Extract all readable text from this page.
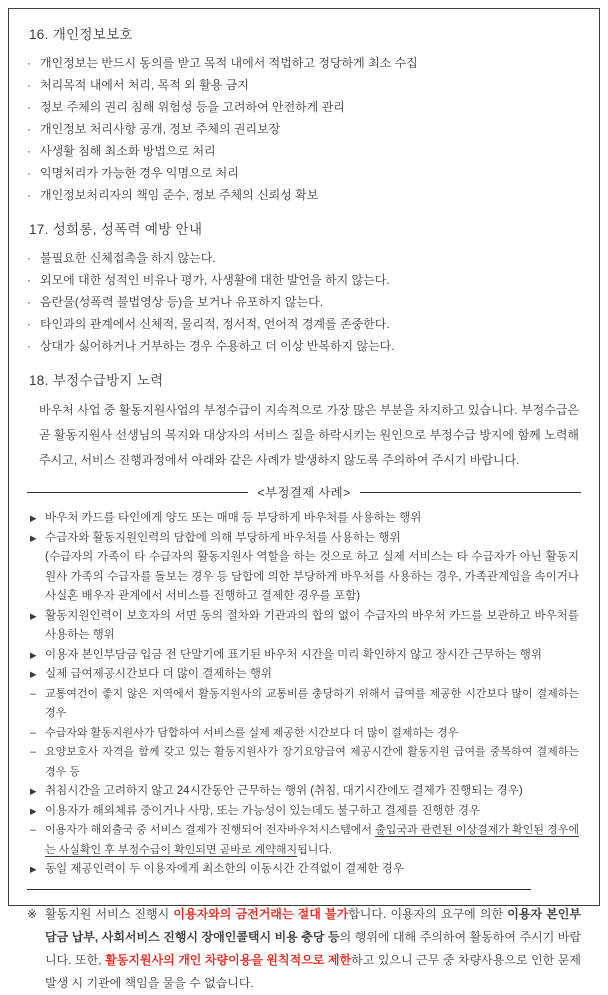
16. 개인정보보호
· 개인정보는 반드시 동의를 받고 목적 내에서 적법하고 정당하게 최소 수집
· 처리목적 내에서 처리, 목적 외 활용 금지
· 정보 주체의 권리 침해 위험성 등을 고려하여 안전하게 관리
· 개인정보 처리사항 공개, 정보 주체의 권리보장
· 사생활 침해 최소화 방법으로 처리
· 익명처리가 가능한 경우 익명으로 처리
· 개인정보처리자의 책임 준수, 정보 주체의 신뢰성 확보
17. 성희롱, 성폭력 예방 안내
· 불필요한 신체접촉을 하지 않는다.
· 외모에 대한 성적인 비유나 평가, 사생활에 대한 발언을 하지 않는다.
· 음란물(성폭력 불법영상 등)을 보거나 유포하지 않는다.
· 타인과의 관계에서 신체적, 물리적, 정서적, 언어적 경계를 존중한다.
· 상대가 싫어하거나 거부하는 경우 수용하고 더 이상 반복하지 않는다.
18. 부정수급방지 노력

바우처 사업 중 활동지원사업의 부정수급이 지속적으로 가장 많은 부분을 차지하고 있습니다. 부정수급은 곧 활동지원사 선생님의 복지와 대상자의 서비스 질을 하락시키는 원인으로 부정수급 방지에 함께 노력해주시고, 서비스 진행과정에서 아래와 같은 사례가 발생하지 않도록 주의하여 주시기 바랍니다.

<부정결제 사례>
▶ 바우처 카드를 타인에게 양도 또는 매매 등 부당하게 바우처를 사용하는 행위
▶ 수급자와 활동지원인력의 담합에 의해 부당하게 바우처를 사용하는 행위
(수급자의 가족이 타 수급자의 활동지원사 역할을 하는 것으로 하고 실제 서비스는 타 수급자가 아닌 활동지원사 가족의 수급자를 돌보는 경우 등 담합에 의한 부당하게 바우처를 사용하는 경우, 가족관계임을 속이거나 사실혼 배우자 관계에서 서비스를 진행하고 결제한 경우를 포함)
▶ 활동지원인력이 보호자의 서면 동의 절차와 기관과의 합의 없이 수급자의 바우처 카드를 보관하고 바우처를 사용하는 행위
▶ 이용자 본인부담금 입금 전 단말기에 표기된 바우처 시간을 미리 확인하지 않고 장시간 근무하는 행위
▶ 실제 급여제공시간보다 더 많이 결제하는 행위
– 교통여건이 좋지 않은 지역에서 활동지원사의 교통비를 충당하기 위해서 급여를 제공한 시간보다 많이 결제하는 경우
– 수급자와 활동지원사가 담합하여 서비스를 실제 제공한 시간보다 더 많이 결제하는 경우
– 요양보호사 자격을 함께 갖고 있는 활동지원사가 장기요양급여 제공시간에 활동지원 급여를 중복하여 결제하는 경우 등
▶ 취침시간을 고려하지 않고 24시간동안 근무하는 행위 (취침, 대기시간에도 결제가 진행되는 경우)
▶ 이용자가 해외체류 중이거나 사망, 또는 가능성이 있는데도 불구하고 결제를 진행한 경우
– 이용자가 해외출국 중 서비스 결제가 진행되어 전자바우처시스템에서 출입국과 관련된 이상결제가 확인된 경우에는 사실확인 후 부정수급이 확인되면 곧바로 계약해지됩니다.
▶ 동일 제공인력이 두 이용자에게 최소한의 이동시간 간격없이 결제한 경우
※ 활동지원 서비스 진행시 이용자와의 금전거래는 절대 불가합니다. 이용자의 요구에 의한 이용자 본인부담금 납부, 사회서비스 진행시 장애인콜택시 비용 충당 등의 행위에 대해 주의하여 활동하여 주시기 바랍니다. 또한, 활동지원사의 개인 차량이용을 원칙적으로 제한하고 있으니 근무 중 차량사용으로 인한 문제 발생 시 기관에 책임을 물을 수 없습니다.
